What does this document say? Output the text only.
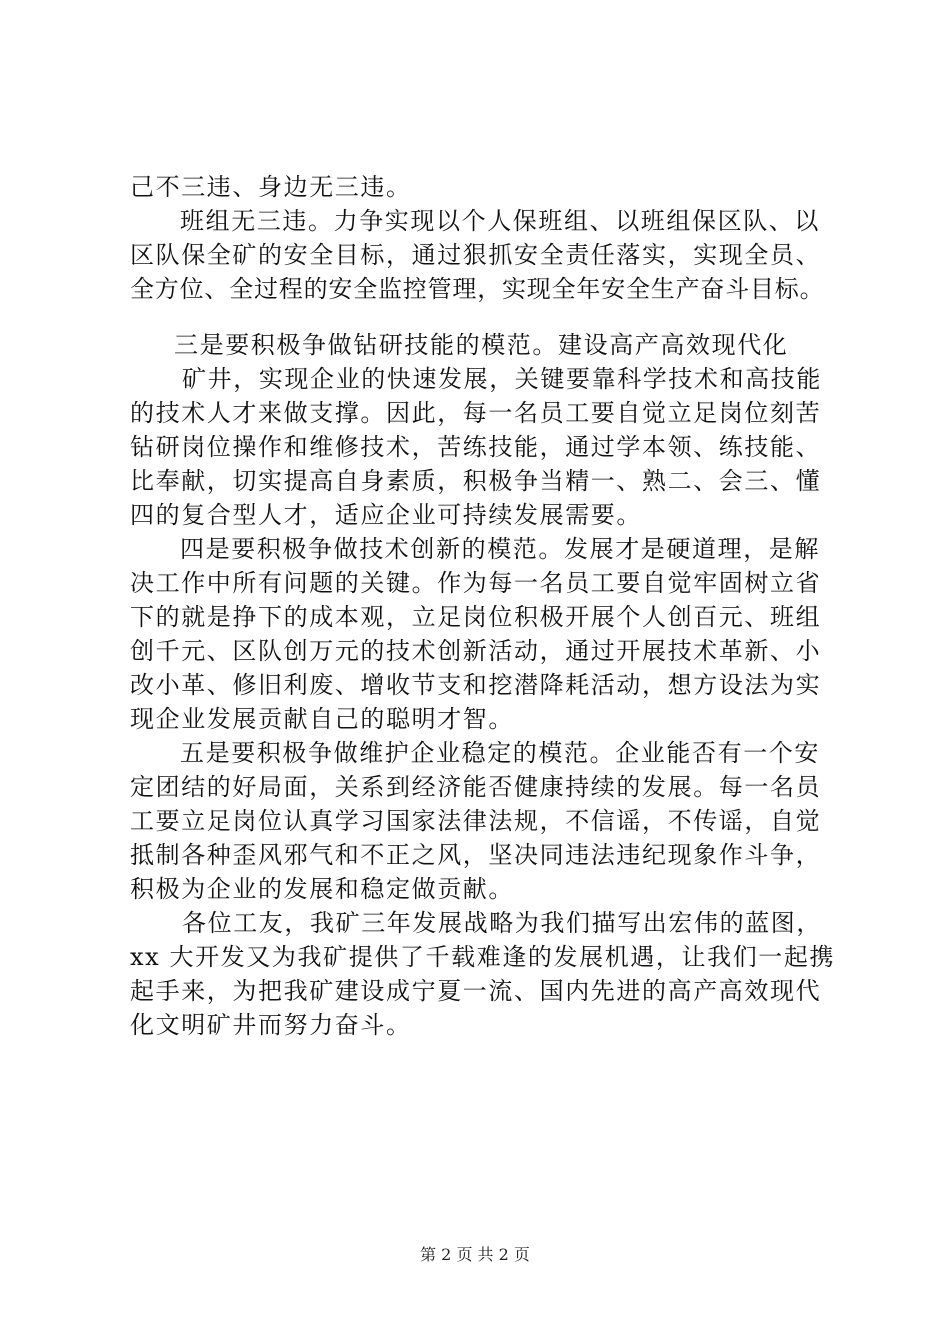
己不三违、身边无三违。
班组无三违。力争实现以个人保班组、以班组保区队、以
区队保全矿的安全目标，通过狠抓安全责任落实，实现全员、
全方位、全过程的安全监控管理，实现全年安全生产奋斗目标。
三是要积极争做钻研技能的模范。建设高产高效现代化
矿井，实现企业的快速发展，关键要靠科学技术和高技能
的技术人才来做支撑。因此，每一名员工要自觉立足岗位刻苦
钻研岗位操作和维修技术，苦练技能，通过学本领、练技能、
比奉献，切实提高自身素质，积极争当精一、熟二、会三、懂
四的复合型人才，适应企业可持续发展需要。
四是要积极争做技术创新的模范。发展才是硬道理，是解
决工作中所有问题的关键。作为每一名员工要自觉牢固树立省
下的就是挣下的成本观，立足岗位积极开展个人创百元、班组
创千元、区队创万元的技术创新活动，通过开展技术革新、小
改小革、修旧利废、增收节支和挖潜降耗活动，想方设法为实
现企业发展贡献自己的聪明才智。
五是要积极争做维护企业稳定的模范。企业能否有一个安
定团结的好局面，关系到经济能否健康持续的发展。每一名员
工要立足岗位认真学习国家法律法规，不信谣，不传谣，自觉
抵制各种歪风邪气和不正之风，坚决同违法违纪现象作斗争，
积极为企业的发展和稳定做贡献。
各位工友，我矿三年发展战略为我们描写出宏伟的蓝图，
xx 大开发又为我矿提供了千载难逢的发展机遇，让我们一起携
起手来，为把我矿建设成宁夏一流、国内先进的高产高效现代
化文明矿井而努力奋斗。
第 2 页 共 2 页
